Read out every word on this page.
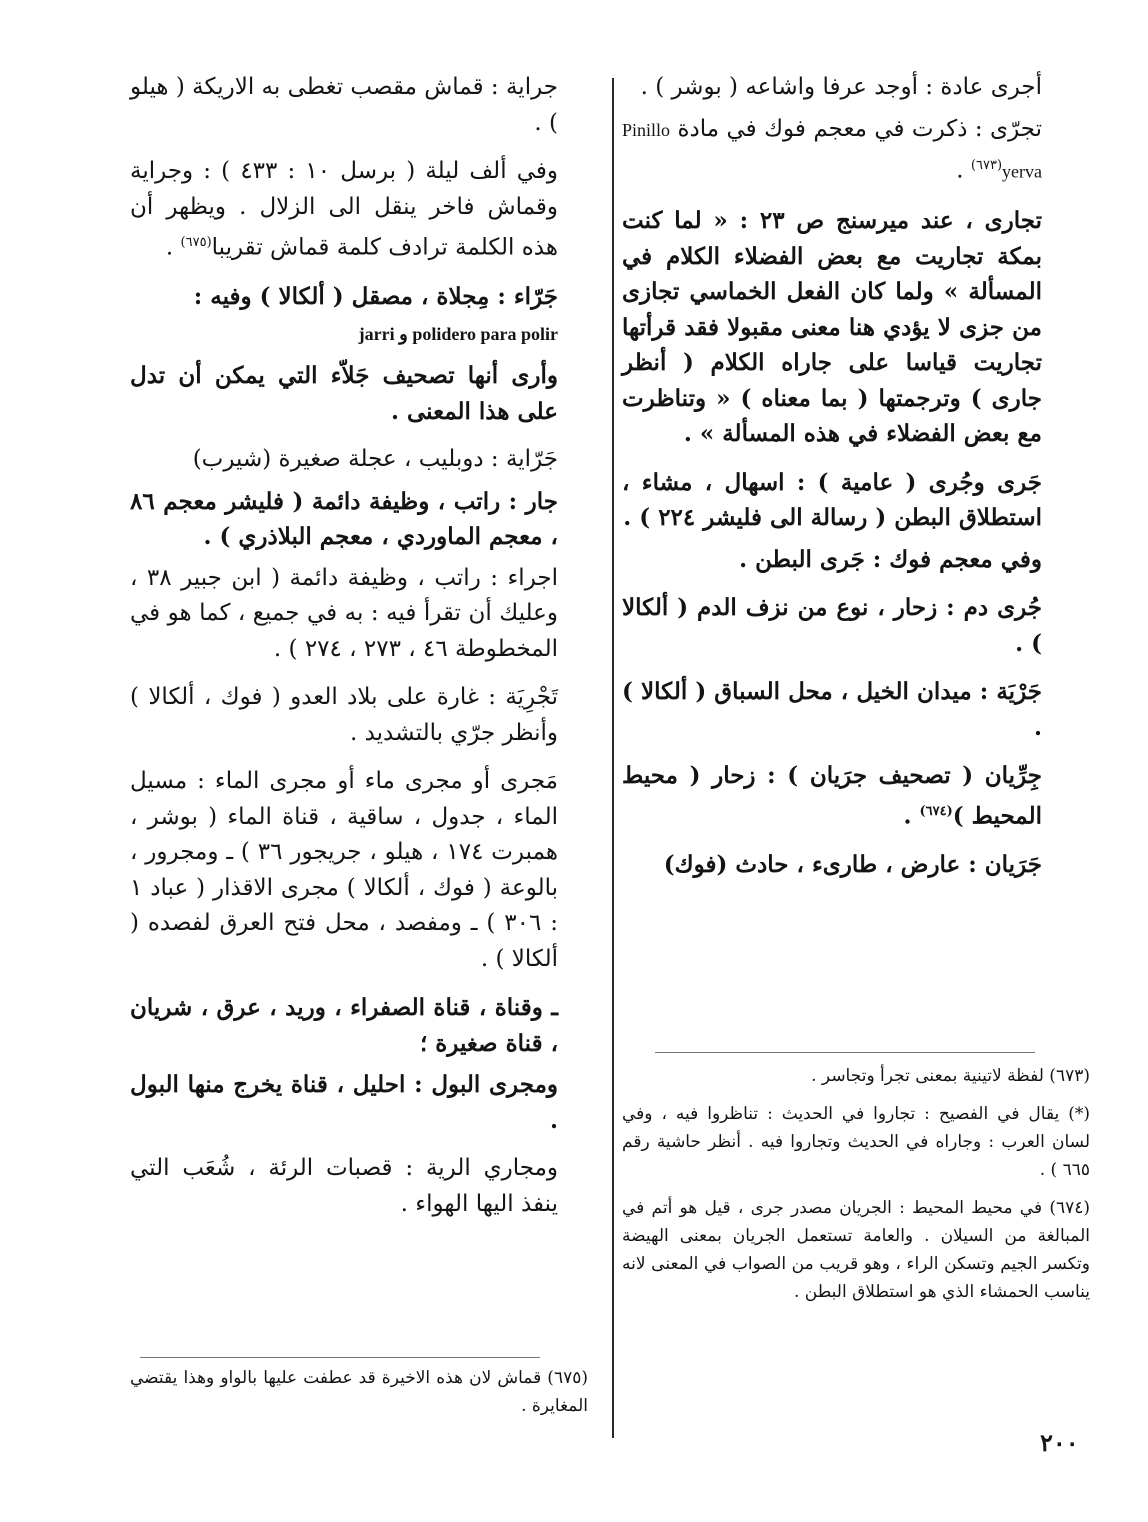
أجرى عادة : أوجد عرفا واشاعه ( بوشر ) .

تجرّى : ذكرت في معجم فوك في مادة Pinillo yerva$^{(٦٧٣)}$ .

تجارى ، عند ميرسنج ص ٢٣ : « لما كنت بمكة تجاريت مع بعض الفضلاء الكلام في المسألة » ولما كان الفعل الخماسي تجازى من جزى لا يؤدي هنا معنى مقبولا فقد قرأتها تجاريت قياسا على جاراه الكلام ( أنظر جارى ) وترجمتها ( بما معناه ) « وتناظرت مع بعض الفضلاء في هذه المسألة » .

جَرى وجُرى ( عامية ) : اسهال ، مشاء ، استطلاق البطن ( رسالة الى فليشر ٢٢٤ ) .

وفي معجم فوك : جَرى البطن .

جُرى دم : زحار ، نوع من نزف الدم ( ألكالا ) .

جَرْيَة : ميدان الخيل ، محل السباق ( ألكالا ) .

جِرِّيان ( تصحيف جرَيان ) : زحار ( محيط المحيط )$^{(٦٧٤)}$ .

جَرَيان : عارض ، طارىء ، حادث (فوك)

(٦٧٣) لفظة لاتينية بمعنى تجرأ وتجاسر .

(*) يقال في الفصيح : تجاروا في الحديث : تناظروا فيه ، وفي لسان العرب : وجاراه في الحديث وتجاروا فيه . أنظر حاشية رقم ٦٦٥ ) .

(٦٧٤) في محيط المحيط : الجريان مصدر جرى ، قيل هو أتم في المبالغة من السيلان . والعامة تستعمل الجريان بمعنى الهيضة وتكسر الجيم وتسكن الراء ، وهو قريب من الصواب في المعنى لانه يناسب الحمشاء الذي هو استطلاق البطن .

جراية : قماش مقصب تغطى به الاريكة ( هيلو ) .

وفي ألف ليلة ( برسل ١٠ : ٤٣٣ ) : وجراية وقماش فاخر ينقل الى الزلال . ويظهر أن هذه الكلمة ترادف كلمة قماش تقريبا$^{(٦٧٥)}$ .

جَرّاء : مِجلاة ، مصقل ( ألكالا ) وفيه :
jarri و polidero para polir

وأرى أنها تصحيف جَلاّء التي يمكن أن تدل على هذا المعنى .

جَرّاية : دوبليب ، عجلة صغيرة (شيرب)

جار : راتب ، وظيفة دائمة ( فليشر معجم ٨٦ ، معجم الماوردي ، معجم البلاذري ) .

اجراء : راتب ، وظيفة دائمة ( ابن جبير ٣٨ ، وعليك أن تقرأ فيه : به في جميع ، كما هو في المخطوطة ٤٦ ، ٢٧٣ ، ٢٧٤ ) .

تَجْرِيَة : غارة على بلاد العدو ( فوك ، ألكالا ) وأنظر جرّي بالتشديد .

مَجرى أو مجرى ماء أو مجرى الماء : مسيل الماء ، جدول ، ساقية ، قناة الماء ( بوشر ، همبرت ١٧٤ ، هيلو ، جريجور ٣٦ ) ـ ومجرور ، بالوعة ( فوك ، ألكالا ) مجرى الاقذار ( عباد ١ : ٣٠٦ ) ـ ومفصد ، محل فتح العرق لفصده ( ألكالا ) .

ـ وقناة ، قناة الصفراء ، وريد ، عرق ، شريان ، قناة صغيرة ؛

ومجرى البول : احليل ، قناة يخرج منها البول .

ومجاري الرية : قصبات الرئة ، شُعَب التي ينفذ اليها الهواء .

(٦٧٥) قماش لان هذه الاخيرة قد عطفت عليها بالواو وهذا يقتضي المغايرة .

٢٠٠
